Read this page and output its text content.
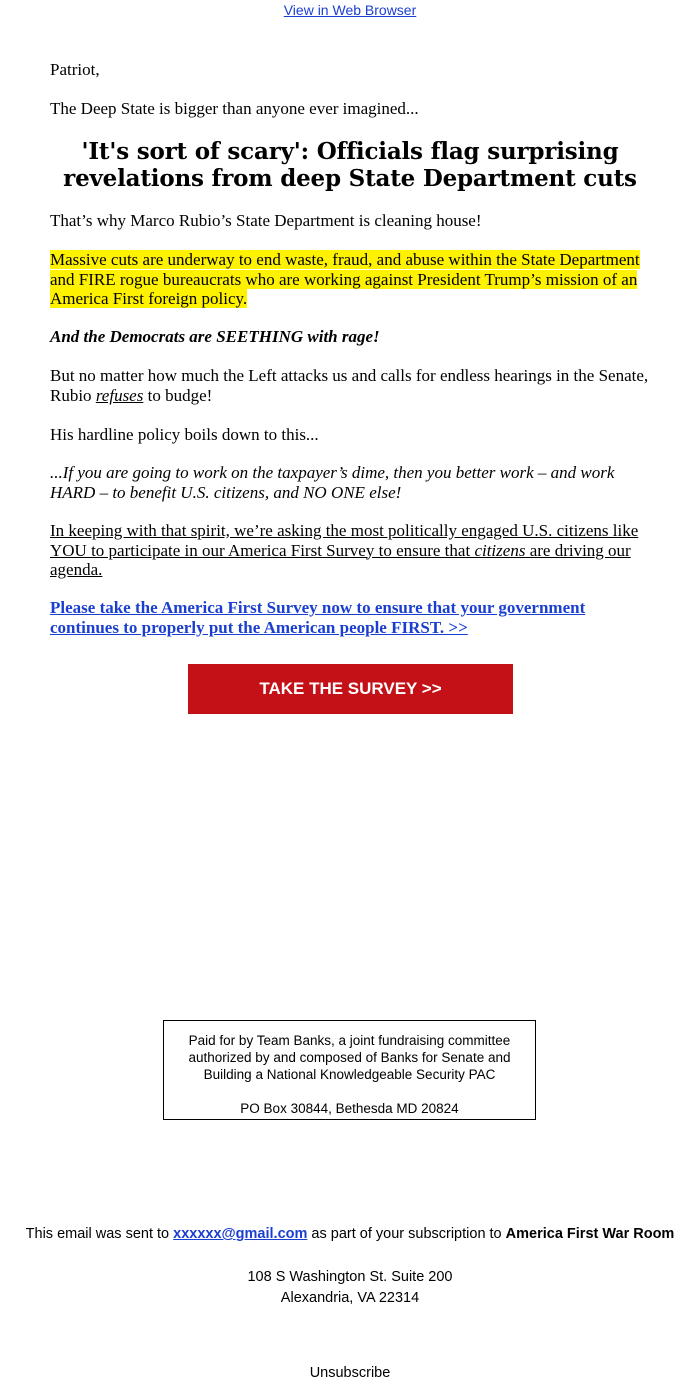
View in Web Browser

Patriot,

The Deep State is bigger than anyone ever imagined...

'It's sort of scary': Officials flag surprising revelations from deep State Department cuts

That’s why Marco Rubio’s State Department is cleaning house!

Massive cuts are underway to end waste, fraud, and abuse within the State Department and FIRE rogue bureaucrats who are working against President Trump’s mission of an America First foreign policy.

And the Democrats are SEETHING with rage!

But no matter how much the Left attacks us and calls for endless hearings in the Senate, Rubio refuses to budge!

His hardline policy boils down to this...

...If you are going to work on the taxpayer’s dime, then you better work – and work HARD – to benefit U.S. citizens, and NO ONE else!

In keeping with that spirit, we’re asking the most politically engaged U.S. citizens like YOU to participate in our America First Survey to ensure that citizens are driving our agenda.

Please take the America First Survey now to ensure that your government continues to properly put the American people FIRST. >>

TAKE THE SURVEY >>
Paid for by Team Banks, a joint fundraising committee authorized by and composed of Banks for Senate and Building a National Knowledgeable Security PAC
PO Box 30844, Bethesda MD 20824
This email was sent to xxxxxx@gmail.com as part of your subscription to America First War Room
108 S Washington St. Suite 200
Alexandria, VA 22314
Unsubscribe
